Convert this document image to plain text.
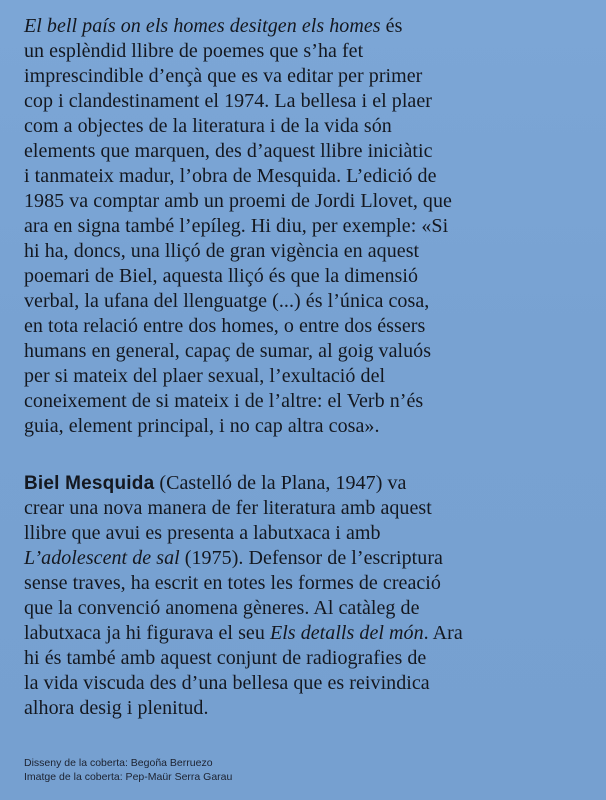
El bell país on els homes desitgen els homes és
un esplèndid llibre de poemes que s’ha fet
imprescindible d’ençà que es va editar per primer
cop i clandestinament el 1974. La bellesa i el plaer
com a objectes de la literatura i de la vida són
elements que marquen, des d’aquest llibre iniciàtic
i tanmateix madur, l’obra de Mesquida. L’edició de
1985 va comptar amb un proemi de Jordi Llovet, que
ara en signa també l’epíleg. Hi diu, per exemple: «Si
hi ha, doncs, una lliçó de gran vigència en aquest
poemari de Biel, aquesta lliçó és que la dimensió
verbal, la ufana del llenguatge (...) és l’única cosa,
en tota relació entre dos homes, o entre dos éssers
humans en general, capaç de sumar, al goig valuós
per si mateix del plaer sexual, l’exultació del
coneixement de si mateix i de l’altre: el Verb n’és
guia, element principal, i no cap altra cosa».

Biel Mesquida (Castelló de la Plana, 1947) va
crear una nova manera de fer literatura amb aquest
llibre que avui es presenta a labutxaca i amb
L’adolescent de sal (1975). Defensor de l’escriptura
sense traves, ha escrit en totes les formes de creació
que la convenció anomena gèneres. Al catàleg de
labutxaca ja hi figurava el seu Els detalls del món. Ara
hi és també amb aquest conjunt de radiografies de
la vida viscuda des d’una bellesa que es reivindica
alhora desig i plenitud.

Disseny de la coberta: Begoña Berruezo
Imatge de la coberta: Pep-Maür Serra Garau
